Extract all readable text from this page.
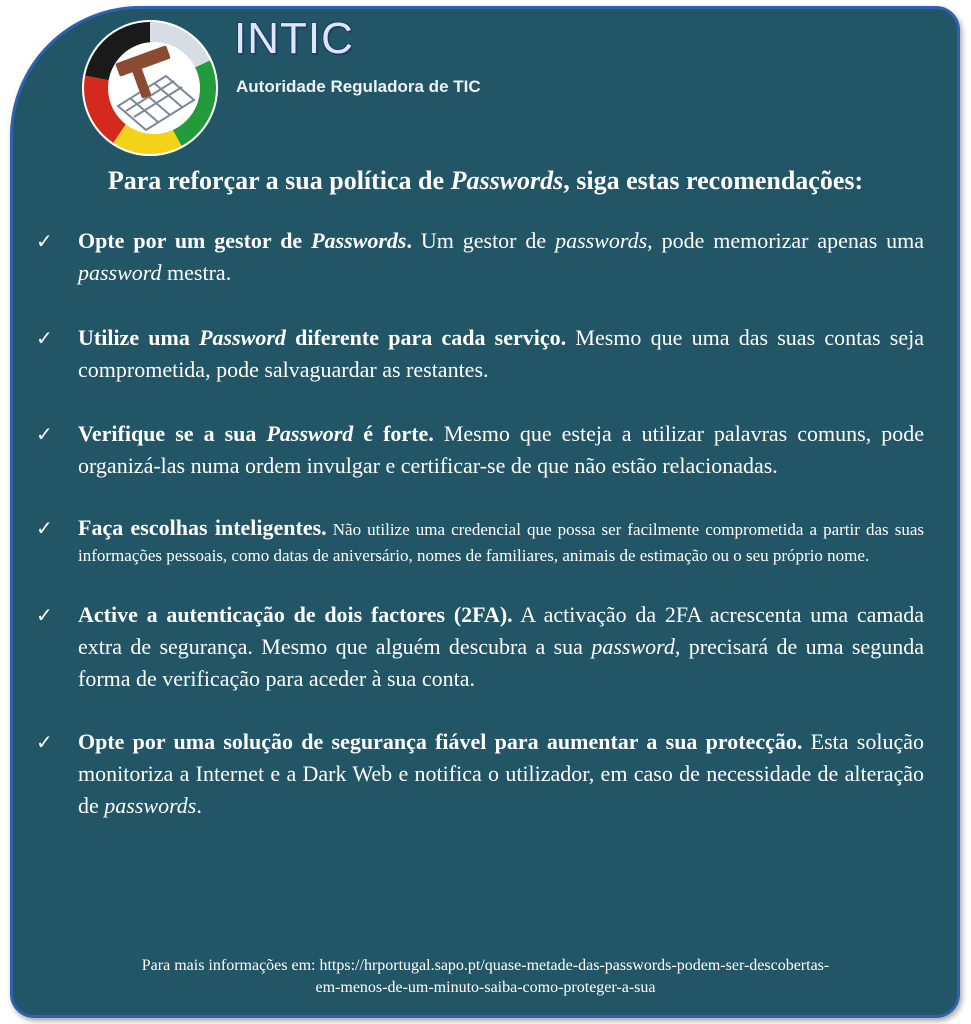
INTIC
Autoridade Reguladora de TIC
Para reforçar a sua política de Passwords, siga estas recomendações:
✓ Opte por um gestor de Passwords. Um gestor de passwords, pode memorizar apenas uma password mestra.
✓ Utilize uma Password diferente para cada serviço. Mesmo que uma das suas contas seja comprometida, pode salvaguardar as restantes.
✓ Verifique se a sua Password é forte. Mesmo que esteja a utilizar palavras comuns, pode organizá-las numa ordem invulgar e certificar-se de que não estão relacionadas.
✓ Faça escolhas inteligentes. Não utilize uma credencial que possa ser facilmente comprometida a partir das suas informações pessoais, como datas de aniversário, nomes de familiares, animais de estimação ou o seu próprio nome.
✓ Active a autenticação de dois factores (2FA). A activação da 2FA acrescenta uma camada extra de segurança. Mesmo que alguém descubra a sua password, precisará de uma segunda forma de verificação para aceder à sua conta.
✓ Opte por uma solução de segurança fiável para aumentar a sua protecção. Esta solução monitoriza a Internet e a Dark Web e notifica o utilizador, em caso de necessidade de alteração de passwords.
Para mais informações em: https://hrportugal.sapo.pt/quase-metade-das-passwords-podem-ser-descobertas-
em-menos-de-um-minuto-saiba-como-proteger-a-sua
